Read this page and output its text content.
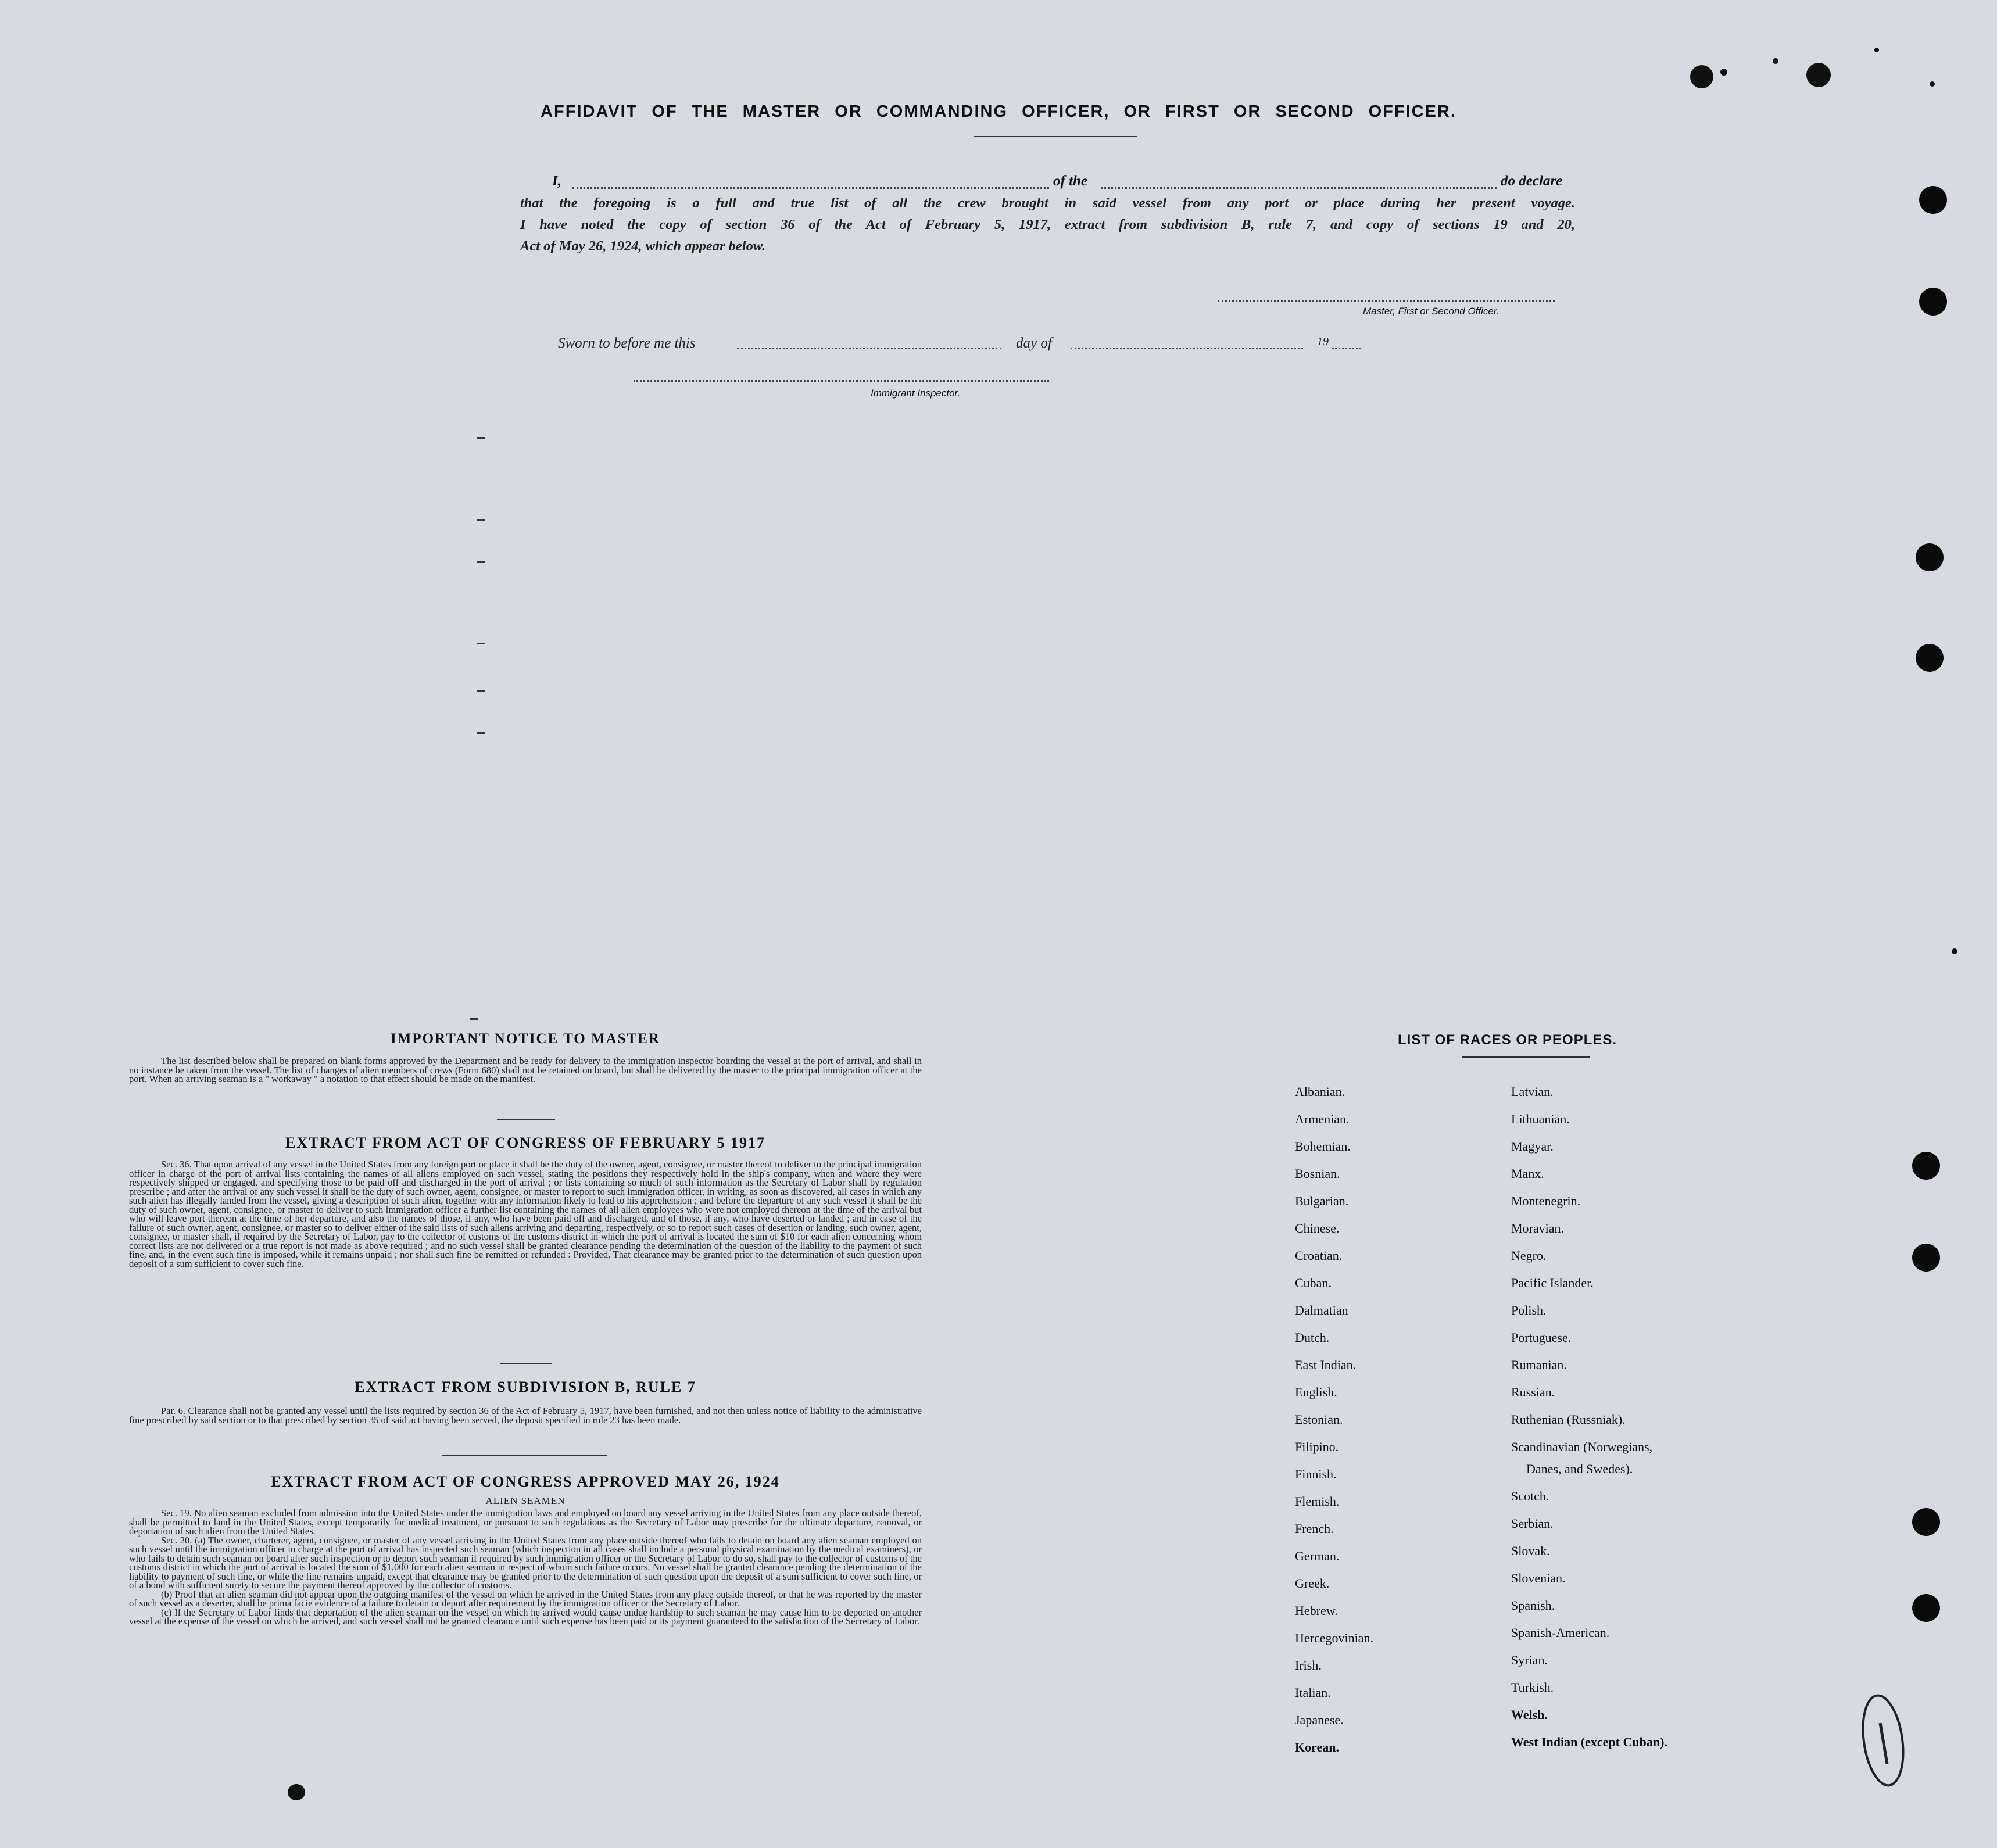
AFFIDAVIT OF THE MASTER OR COMMANDING OFFICER, OR FIRST OR SECOND OFFICER.
I,	of the	do declare

that the foregoing is a full and true list of all the crew brought in said vessel from any port or place during her present voyage.

I have noted the copy of section 36 of the Act of February 5, 1917, extract from subdivision B, rule 7, and copy of sections 19 and 20,

Act of May 26, 1924, which appear below.

Master, First or Second Officer.
Sworn to before me this	day of	19
Immigrant Inspector.
IMPORTANT NOTICE TO MASTER

The list described below shall be prepared on blank forms approved by the Department and be ready for delivery to the immigration inspector boarding the vessel at the port of arrival, and shall in no instance be taken from the vessel. The list of changes of alien members of crews (Form 680) shall not be retained on board, but shall be delivered by the master to the principal immigration officer at the port. When an arriving seaman is a " workaway " a notation to that effect should be made on the manifest.

EXTRACT FROM ACT OF CONGRESS OF FEBRUARY 5 1917

Sec. 36. That upon arrival of any vessel in the United States from any foreign port or place it shall be the duty of the owner, agent, consignee, or master thereof to deliver to the principal immigration officer in charge of the port of arrival lists containing the names of all aliens employed on such vessel, stating the positions they respectively hold in the ship's company, when and where they were respectively shipped or engaged, and specifying those to be paid off and discharged in the port of arrival ; or lists containing so much of such information as the Secretary of Labor shall by regulation prescribe ; and after the arrival of any such vessel it shall be the duty of such owner, agent, consignee, or master to report to such immigration officer, in writing, as soon as discovered, all cases in which any such alien has illegally landed from the vessel, giving a description of such alien, together with any information likely to lead to his apprehension ; and before the departure of any such vessel it shall be the duty of such owner, agent, consignee, or master to deliver to such immigration officer a further list containing the names of all alien employees who were not employed thereon at the time of the arrival but who will leave port thereon at the time of her departure, and also the names of those, if any, who have been paid off and discharged, and of those, if any, who have deserted or landed ; and in case of the failure of such owner, agent, consignee, or master so to deliver either of the said lists of such aliens arriving and departing, respectively, or so to report such cases of desertion or landing, such owner, agent, consignee, or master shall, if required by the Secretary of Labor, pay to the collector of customs of the customs district in which the port of arrival is located the sum of $10 for each alien concerning whom correct lists are not delivered or a true report is not made as above required ; and no such vessel shall be granted clearance pending the determination of the question of the liability to the payment of such fine, and, in the event such fine is imposed, while it remains unpaid ; nor shall such fine be remitted or refunded : Provided, That clearance may be granted prior to the determination of such question upon deposit of a sum sufficient to cover such fine.

EXTRACT FROM SUBDIVISION B, RULE 7

Par. 6. Clearance shall not be granted any vessel until the lists required by section 36 of the Act of February 5, 1917, have been furnished, and not then unless notice of liability to the administrative fine prescribed by said section or to that prescribed by section 35 of said act having been served, the deposit specified in rule 23 has been made.

EXTRACT FROM ACT OF CONGRESS APPROVED MAY 26, 1924
ALIEN SEAMEN

Sec. 19. No alien seaman excluded from admission into the United States under the immigration laws and employed on board any vessel arriving in the United States from any place outside thereof, shall be permitted to land in the United States, except temporarily for medical treatment, or pursuant to such regulations as the Secretary of Labor may prescribe for the ultimate departure, removal, or deportation of such alien from the United States.

Sec. 20. (a) The owner, charterer, agent, consignee, or master of any vessel arriving in the United States from any place outside thereof who fails to detain on board any alien seaman employed on such vessel until the immigration officer in charge at the port of arrival has inspected such seaman (which inspection in all cases shall include a personal physical examination by the medical examiners), or who fails to detain such seaman on board after such inspection or to deport such seaman if required by such immigration officer or the Secretary of Labor to do so, shall pay to the collector of customs of the customs district in which the port of arrival is located the sum of $1,000 for each alien seaman in respect of whom such failure occurs. No vessel shall be granted clearance pending the determination of the liability to payment of such fine, or while the fine remains unpaid, except that clearance may be granted prior to the determination of such question upon the deposit of a sum sufficient to cover such fine, or of a bond with sufficient surety to secure the payment thereof approved by the collector of customs.

(b) Proof that an alien seaman did not appear upon the outgoing manifest of the vessel on which he arrived in the United States from any place outside thereof, or that he was reported by the master of such vessel as a deserter, shall be prima facie evidence of a failure to detain or deport after requirement by the immigration officer or the Secretary of Labor.

(c) If the Secretary of Labor finds that deportation of the alien seaman on the vessel on which he arrived would cause undue hardship to such seaman he may cause him to be deported on another vessel at the expense of the vessel on which he arrived, and such vessel shall not be granted clearance until such expense has been paid or its payment guaranteed to the satisfaction of the Secretary of Labor.

LIST OF RACES OR PEOPLES.
Albanian.
Armenian.
Bohemian.
Bosnian.
Bulgarian.
Chinese.
Croatian.
Cuban.
Dalmatian
Dutch.
East Indian.
English.
Estonian.
Filipino.
Finnish.
Flemish.
French.
German.
Greek.
Hebrew.
Hercegovinian.
Irish.
Italian.
Japanese.
Korean.
Latvian.
Lithuanian.
Magyar.
Manx.
Montenegrin.
Moravian.
Negro.
Pacific Islander.
Polish.
Portuguese.
Rumanian.
Russian.
Ruthenian (Russniak).
Scandinavian (Norwegians,
Danes, and Swedes).
Scotch.
Serbian.
Slovak.
Slovenian.
Spanish.
Spanish-American.
Syrian.
Turkish.
Welsh.
West Indian (except Cuban).
